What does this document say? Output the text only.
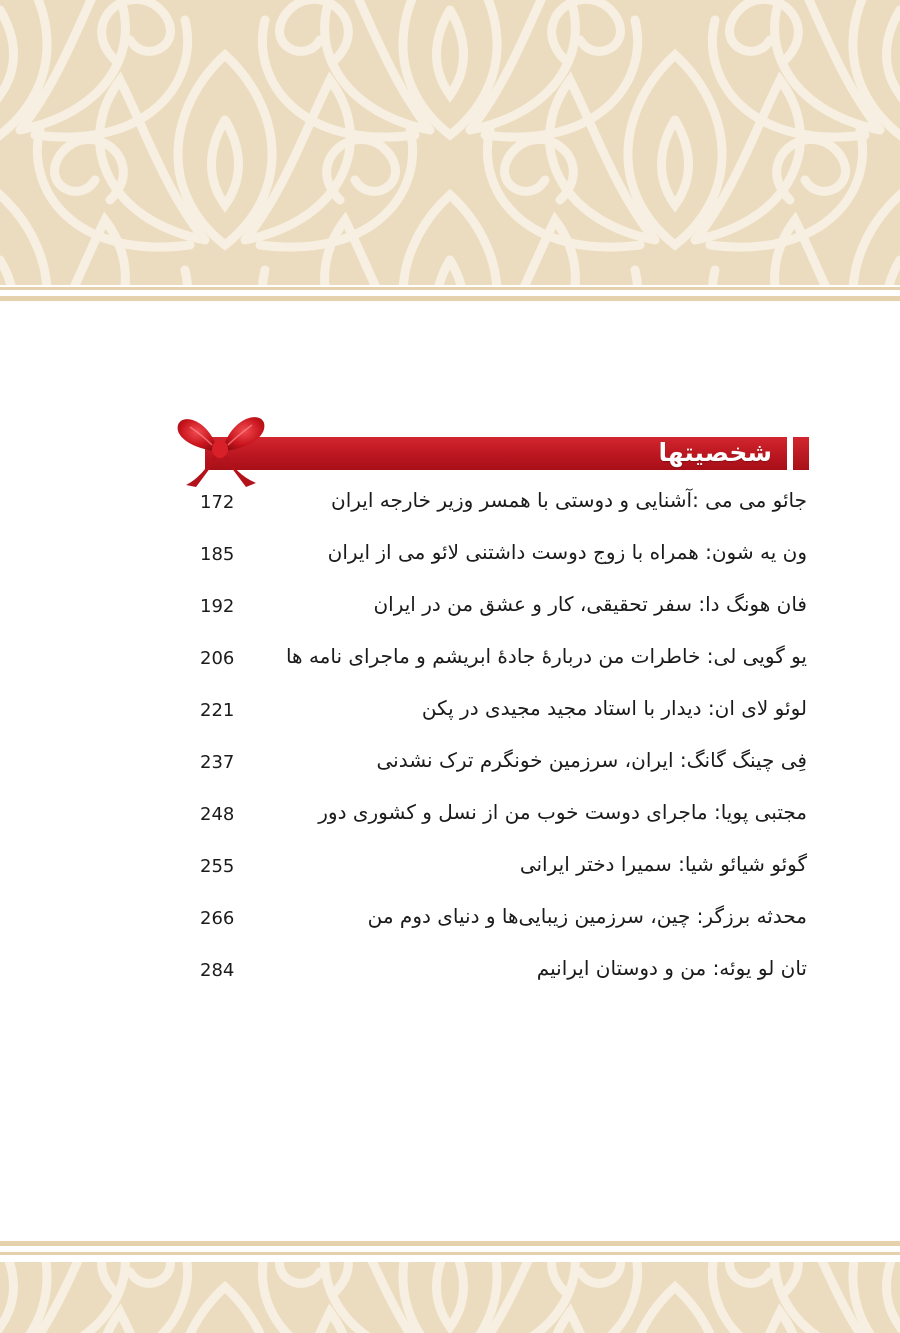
شخصیتها
جائو می می :آشنایی و دوستی با همسر وزیر خارجه ایران
172
ون یه شون: همراه با زوج دوست داشتنی لائو می از ایران
185
فان هونگ دا: سفر تحقیقی، کار و عشق من در ایران
192
یو گویی لی: خاطرات من دربارهٔ جادهٔ ابریشم و ماجرای نامه ها
206
لوئو لای ان: دیدار با استاد مجید مجیدی در پکن
221
فِی چینگ گانگ: ایران، سرزمین خونگرم ترک نشدنی
237
مجتبی پویا: ماجرای دوست خوب من از نسل و کشوری دور
248
گوئو شیائو شیا: سمیرا دختر ایرانی
255
محدثه برزگر: چین، سرزمین زیبایی‌ها و دنیای دوم من
266
تان لو یوئه: من و دوستان ایرانیم
284
